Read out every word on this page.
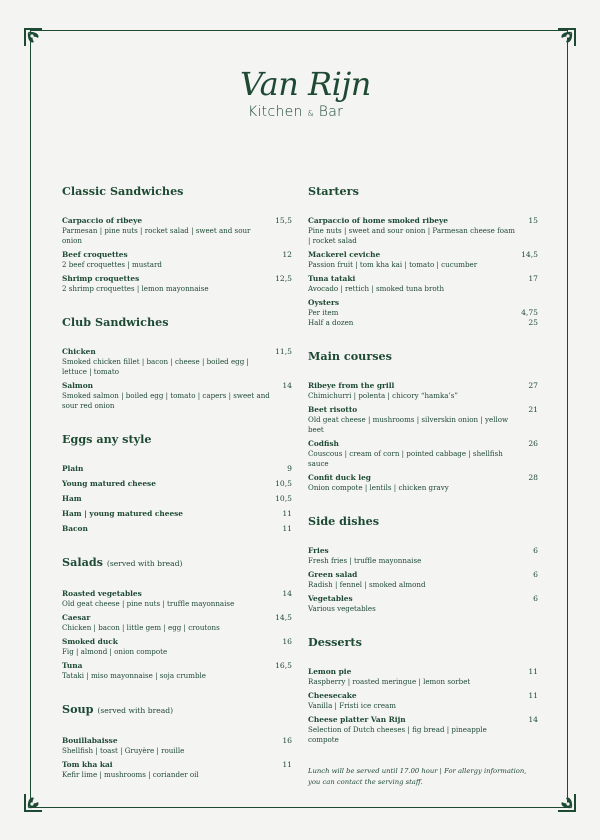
Van Rijn
Kitchen & Bar
Classic Sandwiches
Carpaccio of ribeye	15,5
Parmesan | pine nuts | rocket salad | sweet and sour onion
Beef croquettes	12
2 beef croquettes | mustard
Shrimp croquettes	12,5
2 shrimp croquettes | lemon mayonnaise
Club Sandwiches
Chicken	11,5
Smoked chicken fillet | bacon | cheese | boiled egg | lettuce | tomato
Salmon	14
Smoked salmon | boiled egg | tomato | capers | sweet and sour red onion
Eggs any style
Plain	9
Young matured cheese	10,5
Ham	10,5
Ham | young matured cheese	11
Bacon	11
Salads (served with bread)
Roasted vegetables	14
Old geat cheese | pine nuts | truffle mayonnaise
Caesar	14,5
Chicken | bacon | little gem | egg | croutons
Smoked duck	16
Fig | almond | onion compote
Tuna	16,5
Tataki | miso mayonnaise | soja crumble
Soup (served with bread)
Bouillabaisse	16
Shellfish | toast | Gruyère | rouille
Tom kha kai	11
Kefir lime | mushrooms | coriander oil
Starters
Carpaccio of home smoked ribeye	15
Pine nuts | sweet and sour onion | Parmesan cheese foam | rocket salad
Mackerel ceviche	14,5
Passion fruit | tom kha kai | tomato | cucumber
Tuna tataki	17
Avocado | rettich | smoked tuna broth
Oysters
Per item	4,75
Half a dozen	25
Main courses
Ribeye from the grill	27
Chimichurri | polenta | chicory “hamka’s”
Beet risotto	21
Old geat cheese | mushrooms | silverskin onion | yellow beet
Codfish	26
Couscous | cream of corn | pointed cabbage | shellfish sauce
Confit duck leg	28
Onion compote | lentils | chicken gravy
Side dishes
Fries	6
Fresh fries | truffle mayonnaise
Green salad	6
Radish | fennel | smoked almond
Vegetables	6
Various vegetables
Desserts
Lemon pie	11
Raspberry | roasted meringue | lemon sorbet
Cheesecake	11
Vanilla | Fristi ice cream
Cheese platter Van Rijn	14
Selection of Dutch cheeses | fig bread | pineapple compote
Lunch will be served until 17.00 hour | For allergy information, you can contact the serving staff.
